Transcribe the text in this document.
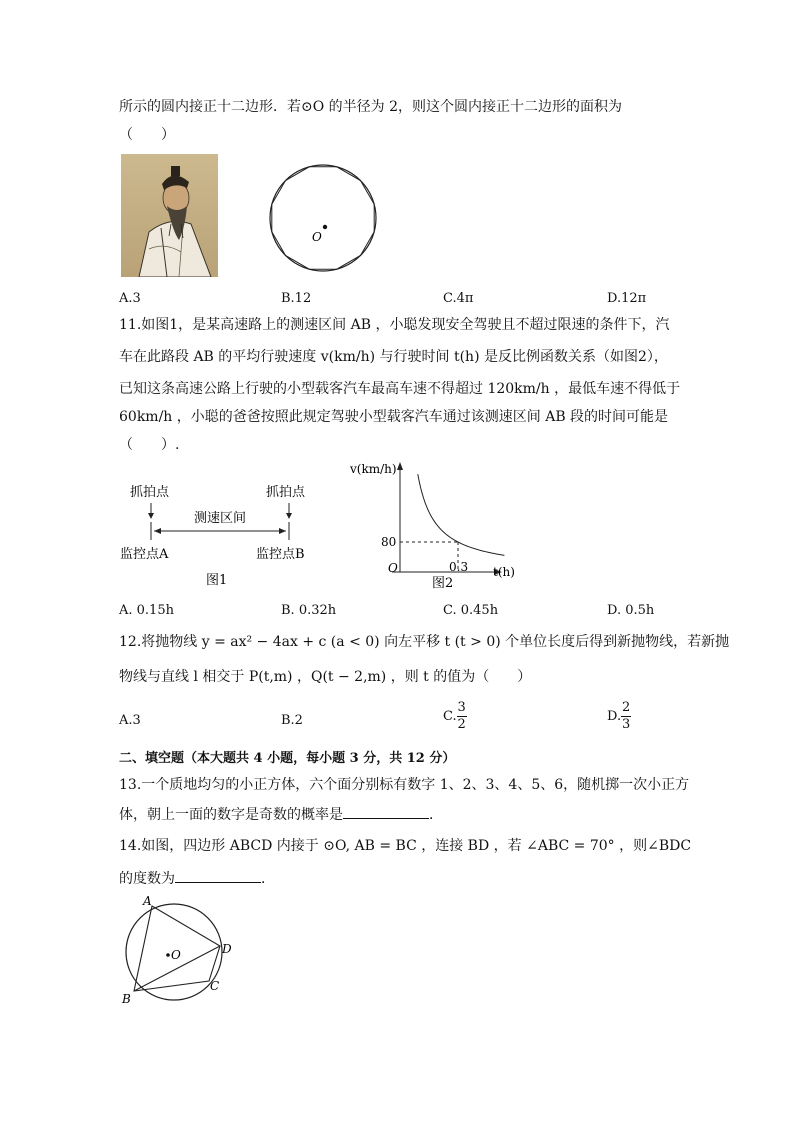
所示的圆内接正十二边形．若⊙O 的半径为 2，则这个圆内接正十二边形的面积为
（　　）
O
A.3	B.12	C.4π	D.12π
11.如图1，是某高速路上的测速区间 AB ，小聪发现安全驾驶且不超过限速的条件下，汽
车在此路段 AB 的平均行驶速度 v(km/h) 与行驶时间 t(h) 是反比例函数关系（如图2），
已知这条高速公路上行驶的小型载客汽车最高车速不得超过 120km/h ，最低车速不得低于
60km/h ，小聪的爸爸按照此规定驾驶小型载客汽车通过该测速区间 AB 段的时间可能是
（　　）.
抓拍点	抓拍点
测速区间
监控点A	监控点B
图1
v(km/h)
t(h)
O
80
0.3
图2
A. 0.15h	B. 0.32h	C. 0.45h	D. 0.5h
12.将抛物线 y = ax² − 4ax + c (a < 0) 向左平移 t (t > 0) 个单位长度后得到新抛物线，若新抛
物线与直线 l 相交于 P(t,m) ，Q(t − 2,m) ，则 t 的值为（　　）
A.3	B.2	C. $\frac{3}{2}$	D. $\frac{2}{3}$
二、填空题（本大题共 4 小题，每小题 3 分，共 12 分）
13.一个质地均匀的小正方体，六个面分别标有数字 1、2、3、4、5、6，随机掷一次小正方
体，朝上一面的数字是奇数的概率是	．
14.如图，四边形 ABCD 内接于 ⊙O, AB = BC ，连接 BD ，若 ∠ABC = 70° ，则∠BDC
的度数为	．
A
B
C
D
O
